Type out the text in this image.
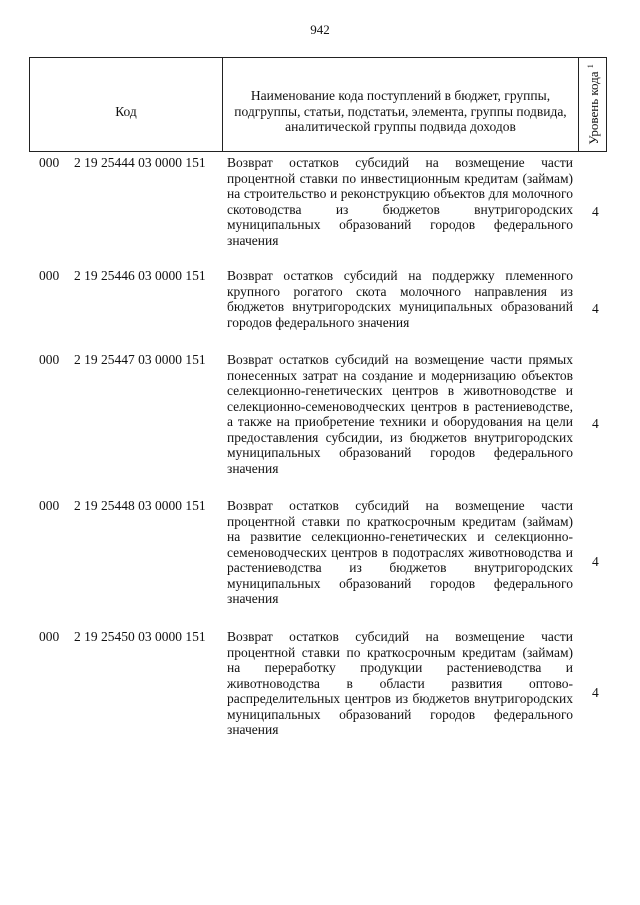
942
Код
Наименование кода поступлений в бюджет, группы, подгруппы, статьи, подстатьи, элемента, группы подвида, аналитической группы подвида доходов	Уровень кода $^1$
000 2 19 25444 03 0000 151 Возврат остатков субсидий на возмещение части процентной ставки по инвестиционным кредитам (займам) на строительство и реконструкцию объектов для молочного скотоводства из бюджетов внутригородских муниципальных образований городов федерального значения
4
000 2 19 25446 03 0000 151 Возврат остатков субсидий на поддержку племенного крупного рогатого скота молочного направления из бюджетов внутригородских муниципальных образований городов федерального значения
4
000 2 19 25447 03 0000 151 Возврат остатков субсидий на возмещение части прямых понесенных затрат на создание и модернизацию объектов селекционно-генетических центров в животноводстве и селекционно-семеноводческих центров в растениеводстве, а также на приобретение техники и оборудования на цели предоставления субсидии, из бюджетов внутригородских муниципальных образований городов федерального значения
4
000 2 19 25448 03 0000 151 Возврат остатков субсидий на возмещение части процентной ставки по краткосрочным кредитам (займам) на развитие селекционно-генетических и селекционно-семеноводческих центров в подотраслях животноводства и растениеводства из бюджетов внутригородских муниципальных образований городов федерального значения
4
000 2 19 25450 03 0000 151 Возврат остатков субсидий на возмещение части процентной ставки по краткосрочным кредитам (займам) на переработку продукции растениеводства и животноводства в области развития оптово-распределительных центров из бюджетов внутригородских муниципальных образований городов федерального значения
4
